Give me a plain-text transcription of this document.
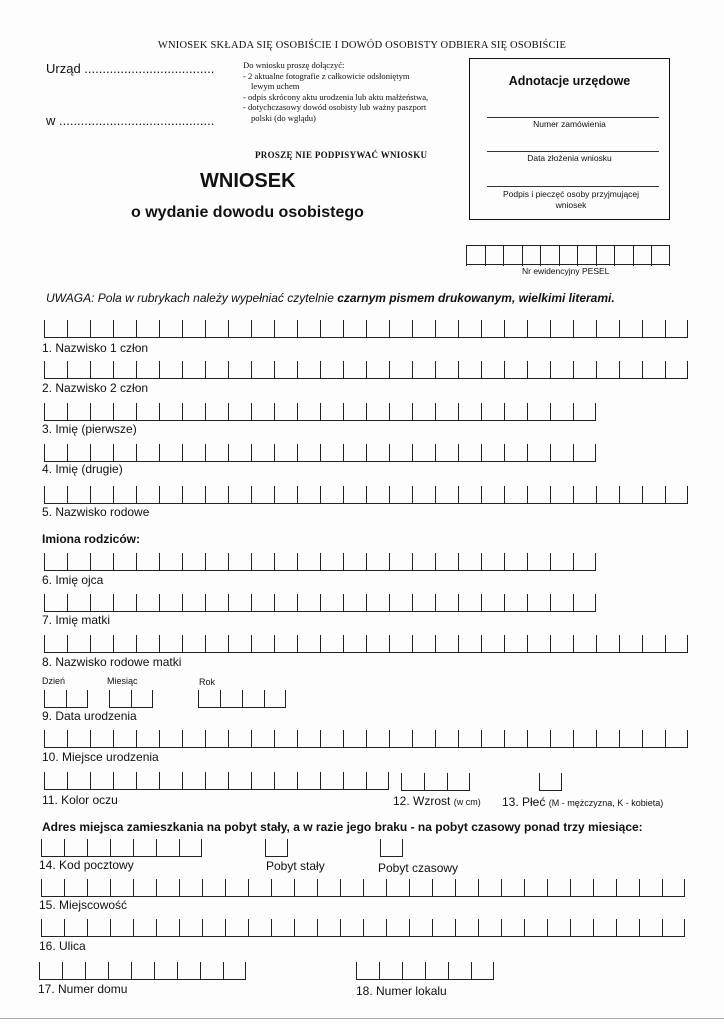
WNIOSEK SKŁADA SIĘ OSOBIŚCIE I DOWÓD OSOBISTY ODBIERA SIĘ OSOBIŚCIE
Urząd ....................................
w ...........................................
Do wniosku proszę dołączyć:
- 2 aktualne fotografie z całkowicie odsłoniętym
lewym uchem
- odpis skrócony aktu urodzenia lub aktu małżeństwa,
- dotychczasowy dowód osobisty lub ważny paszport
polski (do wglądu)
PROSZĘ NIE PODPISYWAĆ WNIOSKU
WNIOSEK
o wydanie dowodu osobistego
Adnotacje urzędowe
Numer zamówienia
Data złożenia wniosku
Podpis i pieczęć osoby przyjmującej wniosek
Nr ewidencyjny PESEL
UWAGA: Pola w rubrykach należy wypełniać czytelnie czarnym pismem drukowanym, wielkimi literami.
1. Nazwisko 1 człon
2. Nazwisko 2 człon
3. Imię (pierwsze)
4. Imię (drugie)
5. Nazwisko rodowe
Imiona rodziców:
6. Imię ojca
7. Imię matki
8. Nazwisko rodowe matki
Dzień	Miesiąc	Rok
9. Data urodzenia
10. Miejsce urodzenia
11. Kolor oczu	12. Wzrost (w cm) 13. Płeć (M - mężczyzna, K - kobieta)
Adres miejsca zamieszkania na pobyt stały, a w razie jego braku - na pobyt czasowy ponad trzy miesiące:
14. Kod pocztowy	Pobyt stały	Pobyt czasowy
15. Miejscowość
16. Ulica
17. Numer domu	18. Numer lokalu
